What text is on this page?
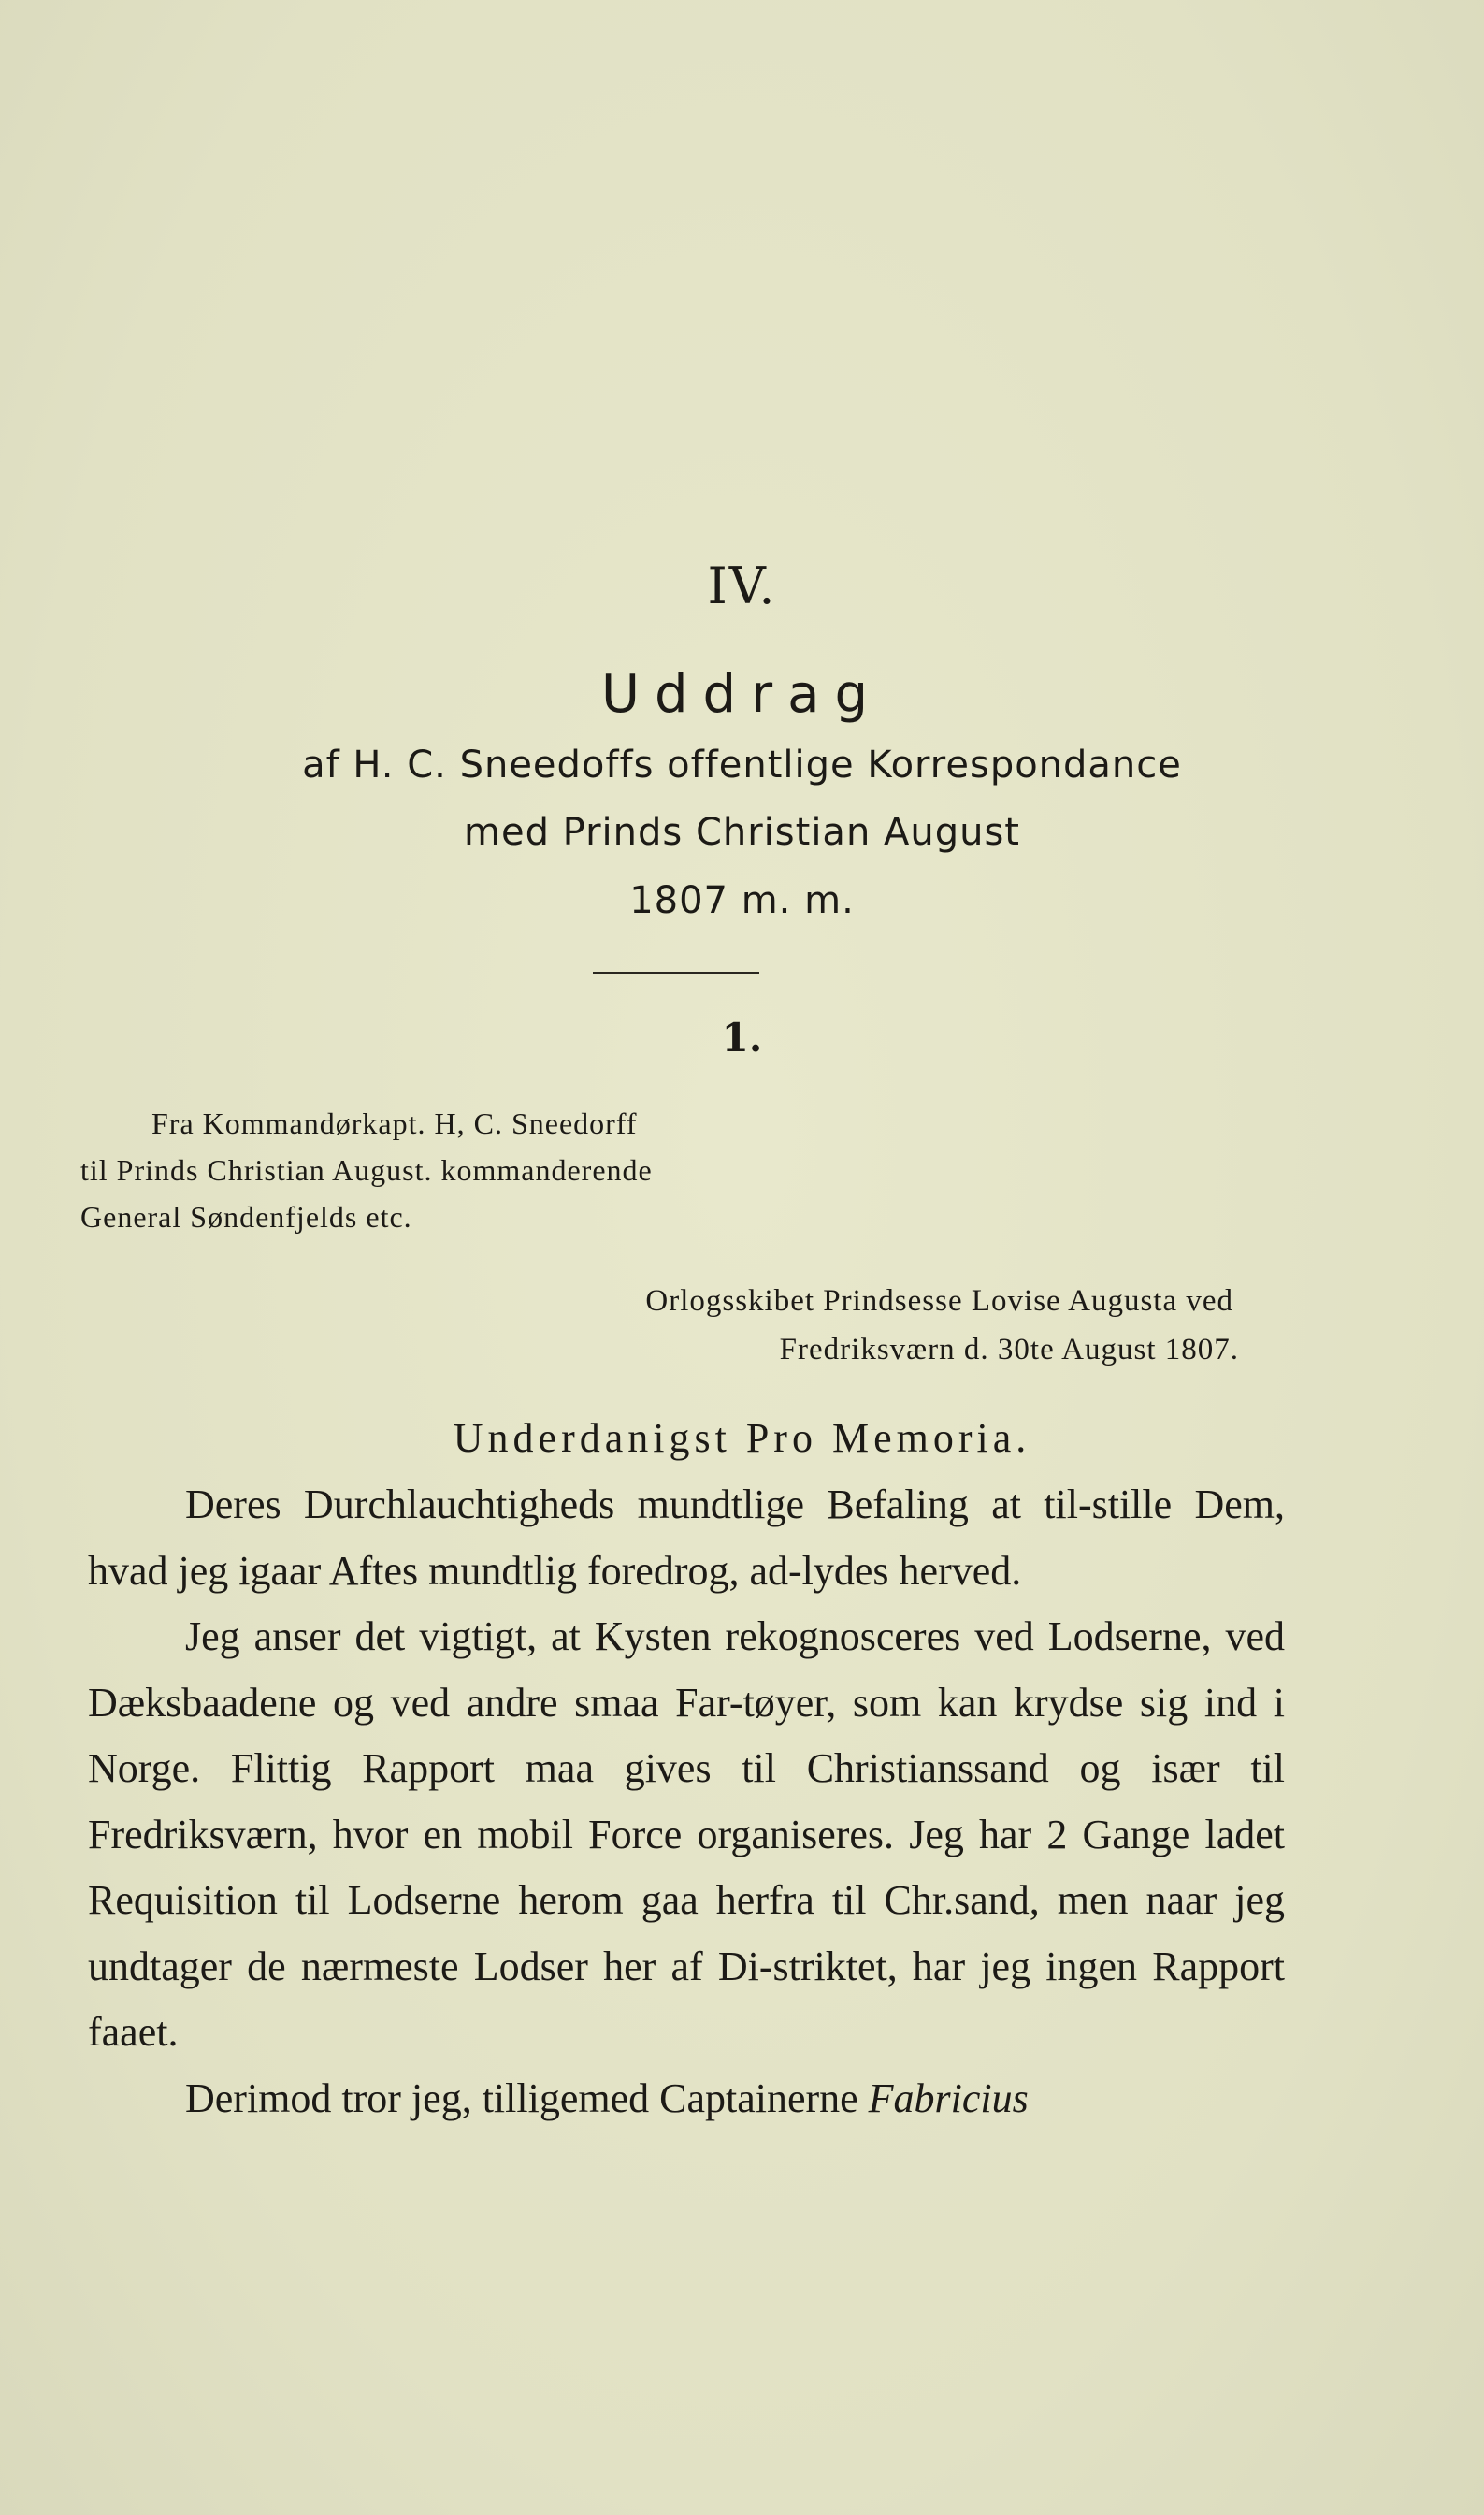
IV.
Uddrag
af H. C. Sneedoffs offentlige Korrespondance
med Prinds Christian August
1807 m. m.
1.
Fra Kommandørkapt. H, C. Sneedorff
til Prinds Christian August. kommanderende
General Søndenfjelds etc.
Orlogsskibet Prindsesse Lovise Augusta ved
Fredriksværn d. 30te August 1807.
Underdanigst Pro Memoria.

Deres Durchlauchtigheds mundtlige Befaling at til-stille Dem, hvad jeg igaar Aftes mundtlig foredrog, ad-lydes herved.

Jeg anser det vigtigt, at Kysten rekognosceres ved Lodserne, ved Dæksbaadene og ved andre smaa Far-tøyer, som kan krydse sig ind i Norge. Flittig Rapport maa gives til Christianssand og især til Fredriksværn, hvor en mobil Force organiseres. Jeg har 2 Gange ladet Requisition til Lodserne herom gaa herfra til Chr.sand, men naar jeg undtager de nærmeste Lodser her af Di-striktet, har jeg ingen Rapport faaet.

Derimod tror jeg, tilligemed Captainerne Fabricius
